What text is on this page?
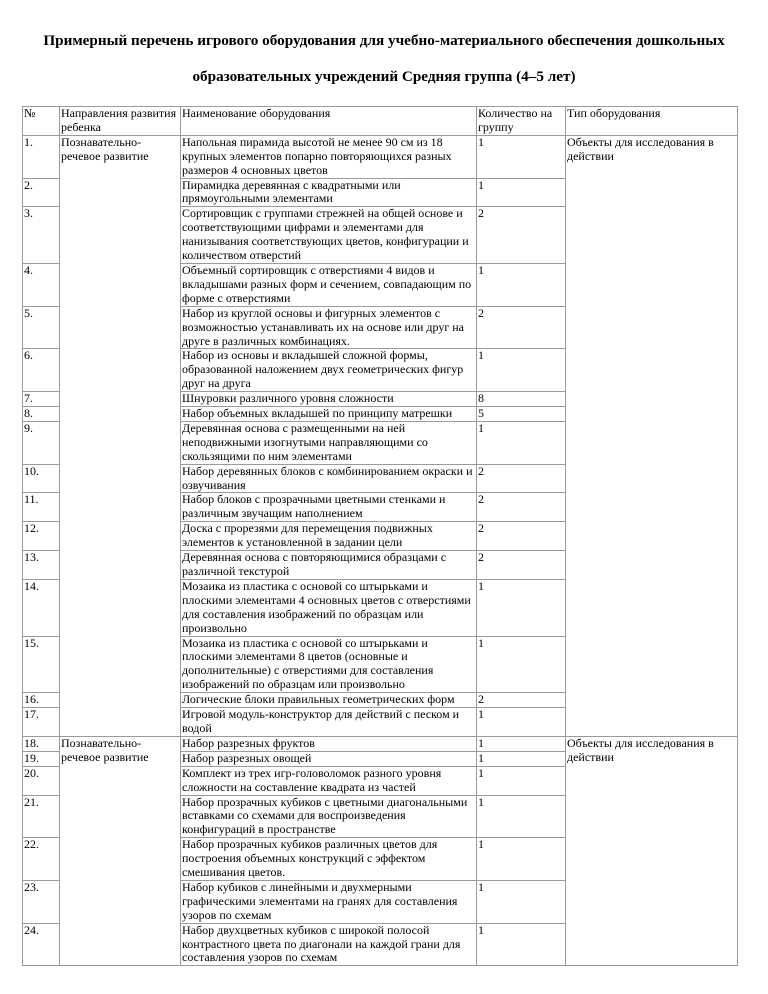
Примерный перечень игрового оборудования для учебно-материального обеспечения дошкольных
образовательных учреждений Средняя группа (4–5 лет)
№	Направления развития ребенка	Наименование оборудования	Количество на группу	Тип оборудования
1.	Познавательно-речевое развитие	Напольная пирамида высотой не менее 90 см из 18 крупных элементов попарно повторяющихся разных размеров 4 основных цветов	1	Объекты для исследования в действии
2.		Пирамидка деревянная с квадратными или прямоугольными элементами	1	
3.		Сортировщик с группами стрежней на общей основе и соответствующими цифрами и элементами для нанизывания соответствующих цветов, конфигурации и количеством отверстий	2	
4.		Объемный сортировщик с отверстиями 4 видов и вкладышами разных форм и сечением, совпадающим по форме с отверстиями	1	
5.		Набор из круглой основы и фигурных элементов с возможностью устанавливать их на основе или друг на друге в различных комбинациях.	2	
6.		Набор из основы и вкладышей сложной формы, образованной наложением двух геометрических фигур друг на друга	1	
7.		Шнуровки различного уровня сложности	8	
8.		Набор объемных вкладышей по принципу матрешки	5	
9.		Деревянная основа с размещенными на ней неподвижными изогнутыми направляющими со скользящими по ним элементами	1	
10.		Набор деревянных блоков с комбинированием окраски и озвучивания	2	
11.		Набор блоков с прозрачными цветными стенками и различным звучащим наполнением	2	
12.		Доска с прорезями для перемещения подвижных элементов к установленной в задании цели	2	
13.		Деревянная основа с повторяющимися образцами с различной текстурой	2	
14.		Мозаика из пластика с основой со штырьками и плоскими элементами 4 основных цветов с отверстиями для составления изображений по образцам или произвольно	1	
15.		Мозаика из пластика с основой со штырьками и плоскими элементами 8 цветов (основные и дополнительные) с отверстиями для составления изображений по образцам или произвольно	1	
16.		Логические блоки правильных геометрических форм	2	
17.		Игровой модуль-конструктор для действий с песком и водой	1	
18.	Познавательно-речевое развитие	Набор разрезных фруктов	1	Объекты для исследования в действии
19.		Набор разрезных овощей	1	
20.		Комплект из трех игр-головоломок разного уровня сложности на составление квадрата из частей	1	
21.		Набор прозрачных кубиков с цветными диагональными вставками со схемами для воспроизведения конфигураций в пространстве	1	
22.		Набор прозрачных кубиков различных цветов для построения объемных конструкций с эффектом смешивания цветов.	1	
23.		Набор кубиков с линейными и двухмерными графическими элементами на гранях для составления узоров по схемам	1	
24.		Набор двухцветных кубиков с широкой полосой контрастного цвета по диагонали на каждой грани для составления узоров по схемам	1	
